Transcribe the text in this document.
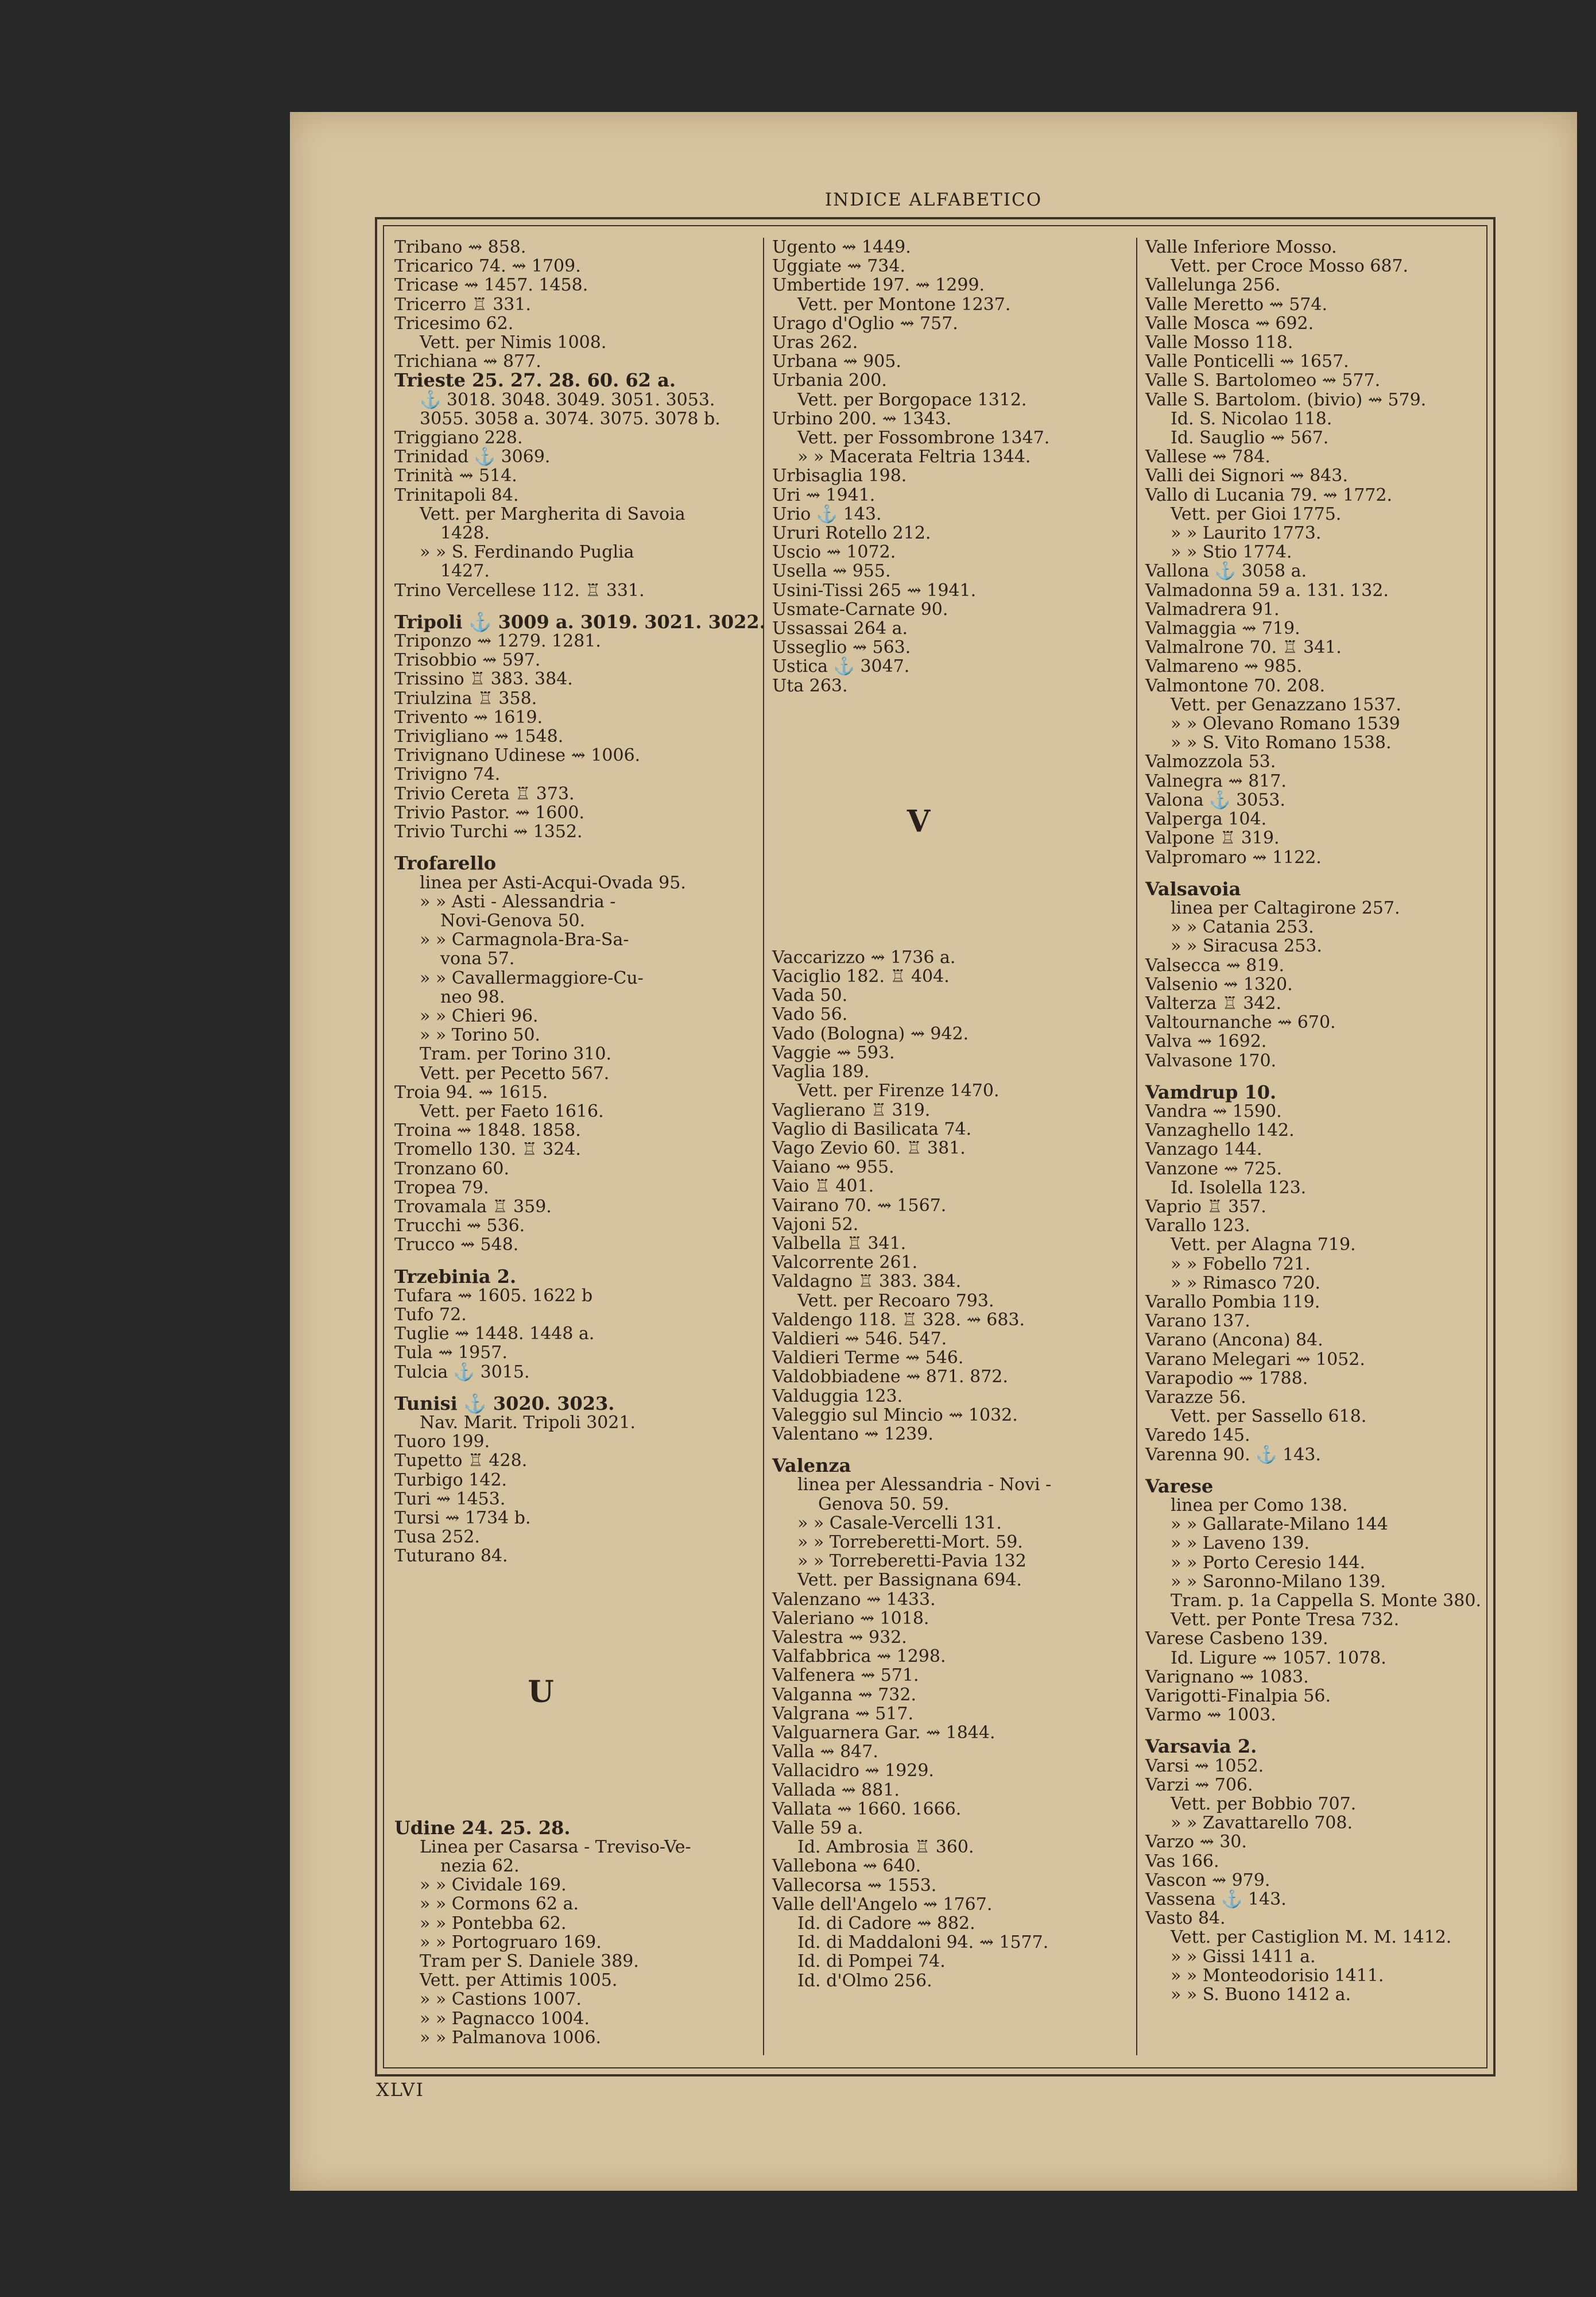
INDICE ALFABETICO
Tribano ⇝ 858.
Tricarico 74. ⇝ 1709.
Tricase ⇝ 1457. 1458.
Tricerro ♖ 331.
Tricesimo 62.
Vett. per Nimis 1008.
Trichiana ⇝ 877.
Trieste 25. 27. 28. 60. 62 a.
⚓ 3018. 3048. 3049. 3051. 3053.
3055. 3058 a. 3074. 3075. 3078 b.
Triggiano 228.
Trinidad ⚓ 3069.
Trinità ⇝ 514.
Trinitapoli 84.
Vett. per Margherita di Savoia
1428.
» » S. Ferdinando Puglia
1427.
Trino Vercellese 112. ♖ 331.
Tripoli ⚓ 3009 a. 3019. 3021. 3022.
Triponzo ⇝ 1279. 1281.
Trisobbio ⇝ 597.
Trissino ♖ 383. 384.
Triulzina ♖ 358.
Trivento ⇝ 1619.
Trivigliano ⇝ 1548.
Trivignano Udinese ⇝ 1006.
Trivigno 74.
Trivio Cereta ♖ 373.
Trivio Pastor. ⇝ 1600.
Trivio Turchi ⇝ 1352.
Trofarello
linea per Asti-Acqui-Ovada 95.
» » Asti - Alessandria -
Novi-Genova 50.
» » Carmagnola-Bra-Sa-
vona 57.
» » Cavallermaggiore-Cu-
neo 98.
» » Chieri 96.
» » Torino 50.
Tram. per Torino 310.
Vett. per Pecetto 567.
Troia 94. ⇝ 1615.
Vett. per Faeto 1616.
Troina ⇝ 1848. 1858.
Tromello 130. ♖ 324.
Tronzano 60.
Tropea 79.
Trovamala ♖ 359.
Trucchi ⇝ 536.
Trucco ⇝ 548.
Trzebinia 2.
Tufara ⇝ 1605. 1622 b
Tufo 72.
Tuglie ⇝ 1448. 1448 a.
Tula ⇝ 1957.
Tulcia ⚓ 3015.
Tunisi ⚓ 3020. 3023.
Nav. Marit. Tripoli 3021.
Tuoro 199.
Tupetto ♖ 428.
Turbigo 142.
Turi ⇝ 1453.
Tursi ⇝ 1734 b.
Tusa 252.
Tuturano 84.
U
Udine 24. 25. 28.
Linea per Casarsa - Treviso-Ve-
nezia 62.
» » Cividale 169.
» » Cormons 62 a.
» » Pontebba 62.
» » Portogruaro 169.
Tram per S. Daniele 389.
Vett. per Attimis 1005.
» » Castions 1007.
» » Pagnacco 1004.
» » Palmanova 1006.
Ugento ⇝ 1449.
Uggiate ⇝ 734.
Umbertide 197. ⇝ 1299.
Vett. per Montone 1237.
Urago d'Oglio ⇝ 757.
Uras 262.
Urbana ⇝ 905.
Urbania 200.
Vett. per Borgopace 1312.
Urbino 200. ⇝ 1343.
Vett. per Fossombrone 1347.
» » Macerata Feltria 1344.
Urbisaglia 198.
Uri ⇝ 1941.
Urio ⚓ 143.
Ururi Rotello 212.
Uscio ⇝ 1072.
Usella ⇝ 955.
Usini-Tissi 265 ⇝ 1941.
Usmate-Carnate 90.
Ussassai 264 a.
Usseglio ⇝ 563.
Ustica ⚓ 3047.
Uta 263.
V
Vaccarizzo ⇝ 1736 a.
Vaciglio 182. ♖ 404.
Vada 50.
Vado 56.
Vado (Bologna) ⇝ 942.
Vaggie ⇝ 593.
Vaglia 189.
Vett. per Firenze 1470.
Vaglierano ♖ 319.
Vaglio di Basilicata 74.
Vago Zevio 60. ♖ 381.
Vaiano ⇝ 955.
Vaio ♖ 401.
Vairano 70. ⇝ 1567.
Vajoni 52.
Valbella ♖ 341.
Valcorrente 261.
Valdagno ♖ 383. 384.
Vett. per Recoaro 793.
Valdengo 118. ♖ 328. ⇝ 683.
Valdieri ⇝ 546. 547.
Valdieri Terme ⇝ 546.
Valdobbiadene ⇝ 871. 872.
Valduggia 123.
Valeggio sul Mincio ⇝ 1032.
Valentano ⇝ 1239.
Valenza
linea per Alessandria - Novi -
Genova 50. 59.
» » Casale-Vercelli 131.
» » Torreberetti-Mort. 59.
» » Torreberetti-Pavia 132
Vett. per Bassignana 694.
Valenzano ⇝ 1433.
Valeriano ⇝ 1018.
Valestra ⇝ 932.
Valfabbrica ⇝ 1298.
Valfenera ⇝ 571.
Valganna ⇝ 732.
Valgrana ⇝ 517.
Valguarnera Gar. ⇝ 1844.
Valla ⇝ 847.
Vallacidro ⇝ 1929.
Vallada ⇝ 881.
Vallata ⇝ 1660. 1666.
Valle 59 a.
Id. Ambrosia ♖ 360.
Vallebona ⇝ 640.
Vallecorsa ⇝ 1553.
Valle dell'Angelo ⇝ 1767.
Id. di Cadore ⇝ 882.
Id. di Maddaloni 94. ⇝ 1577.
Id. di Pompei 74.
Id. d'Olmo 256.
Valle Inferiore Mosso.
Vett. per Croce Mosso 687.
Vallelunga 256.
Valle Meretto ⇝ 574.
Valle Mosca ⇝ 692.
Valle Mosso 118.
Valle Ponticelli ⇝ 1657.
Valle S. Bartolomeo ⇝ 577.
Valle S. Bartolom. (bivio) ⇝ 579.
Id. S. Nicolao 118.
Id. Sauglio ⇝ 567.
Vallese ⇝ 784.
Valli dei Signori ⇝ 843.
Vallo di Lucania 79. ⇝ 1772.
Vett. per Gioi 1775.
» » Laurito 1773.
» » Stio 1774.
Vallona ⚓ 3058 a.
Valmadonna 59 a. 131. 132.
Valmadrera 91.
Valmaggia ⇝ 719.
Valmalrone 70. ♖ 341.
Valmareno ⇝ 985.
Valmontone 70. 208.
Vett. per Genazzano 1537.
» » Olevano Romano 1539
» » S. Vito Romano 1538.
Valmozzola 53.
Valnegra ⇝ 817.
Valona ⚓ 3053.
Valperga 104.
Valpone ♖ 319.
Valpromaro ⇝ 1122.
Valsavoia
linea per Caltagirone 257.
» » Catania 253.
» » Siracusa 253.
Valsecca ⇝ 819.
Valsenio ⇝ 1320.
Valterza ♖ 342.
Valtournanche ⇝ 670.
Valva ⇝ 1692.
Valvasone 170.
Vamdrup 10.
Vandra ⇝ 1590.
Vanzaghello 142.
Vanzago 144.
Vanzone ⇝ 725.
Id. Isolella 123.
Vaprio ♖ 357.
Varallo 123.
Vett. per Alagna 719.
» » Fobello 721.
» » Rimasco 720.
Varallo Pombia 119.
Varano 137.
Varano (Ancona) 84.
Varano Melegari ⇝ 1052.
Varapodio ⇝ 1788.
Varazze 56.
Vett. per Sassello 618.
Varedo 145.
Varenna 90. ⚓ 143.
Varese
linea per Como 138.
» » Gallarate-Milano 144
» » Laveno 139.
» » Porto Ceresio 144.
» » Saronno-Milano 139.
Tram. p. 1a Cappella S. Monte 380.
Vett. per Ponte Tresa 732.
Varese Casbeno 139.
Id. Ligure ⇝ 1057. 1078.
Varignano ⇝ 1083.
Varigotti-Finalpia 56.
Varmo ⇝ 1003.
Varsavia 2.
Varsi ⇝ 1052.
Varzi ⇝ 706.
Vett. per Bobbio 707.
» » Zavattarello 708.
Varzo ⇝ 30.
Vas 166.
Vascon ⇝ 979.
Vassena ⚓ 143.
Vasto 84.
Vett. per Castiglion M. M. 1412.
» » Gissi 1411 a.
» » Monteodorisio 1411.
» » S. Buono 1412 a.
XLVI
